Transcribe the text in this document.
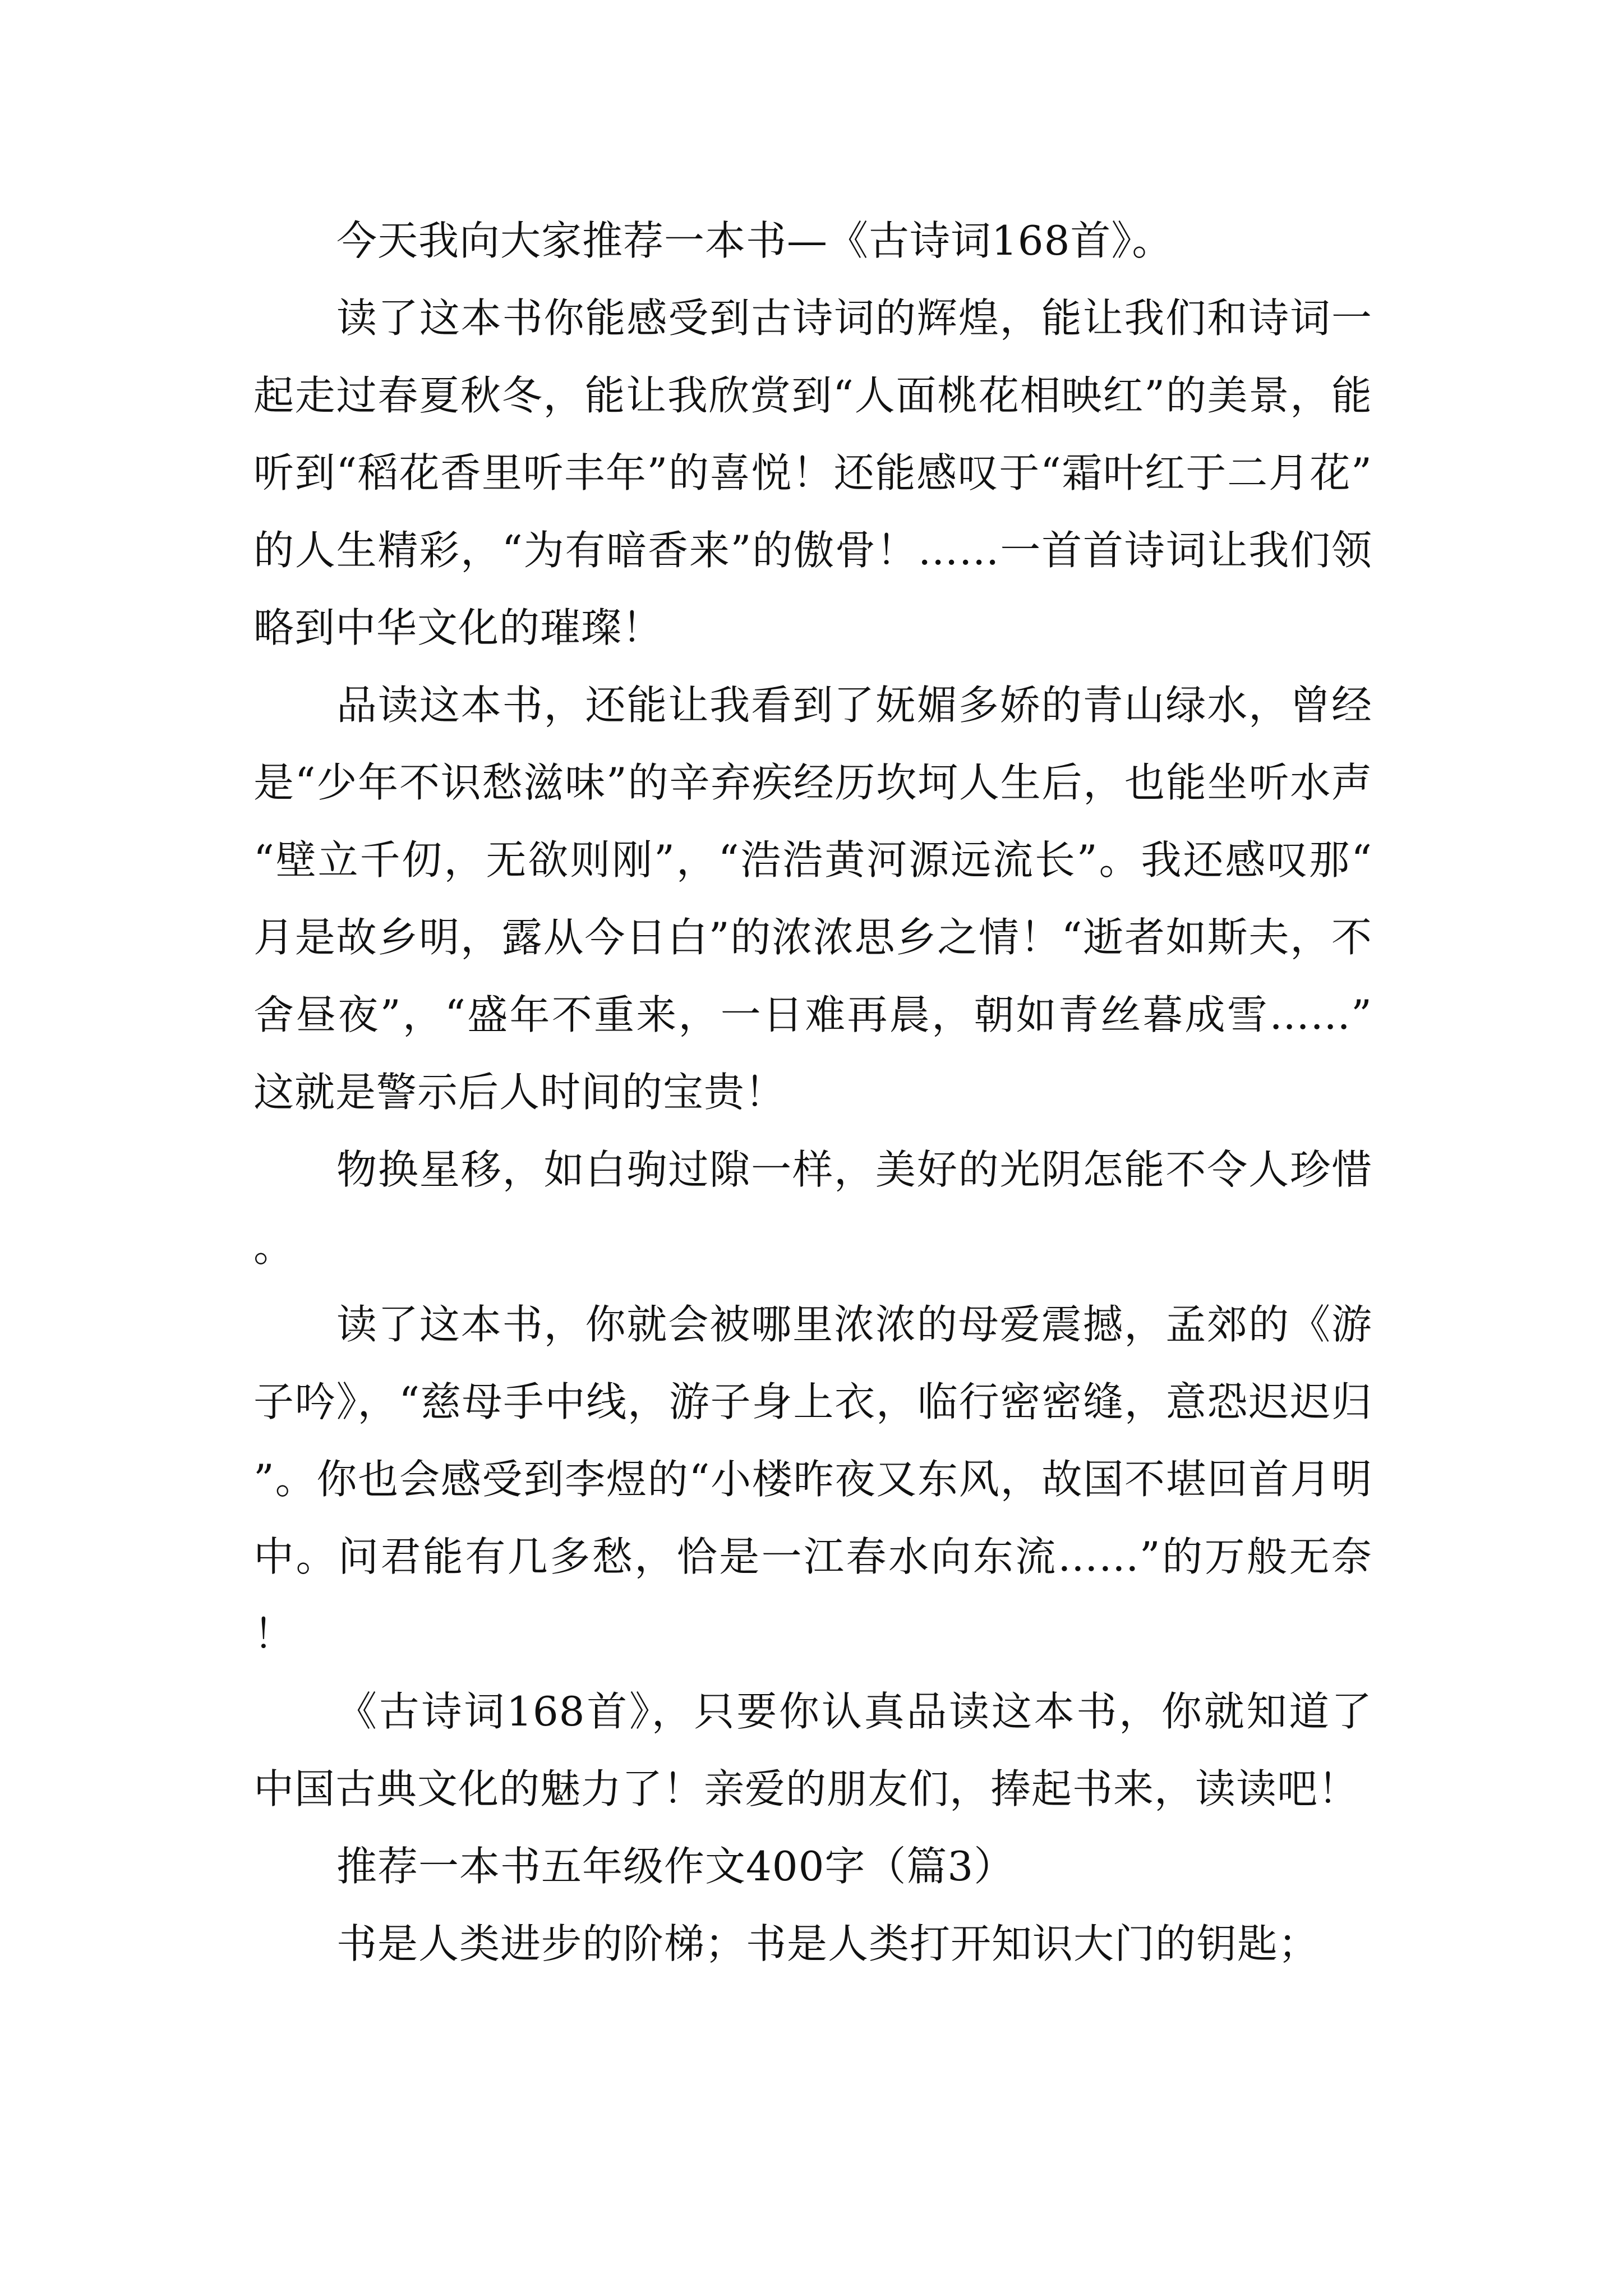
今天我向大家推荐一本书—《古诗词168首》。

读了这本书你能感受到古诗词的辉煌，能让我们和诗词一起走过春夏秋冬，能让我欣赏到“人面桃花相映红”的美景，能听到“稻花香里听丰年”的喜悦！还能感叹于“霜叶红于二月花”的人生精彩，“为有暗香来”的傲骨！……一首首诗词让我们领略到中华文化的璀璨！

品读这本书，还能让我看到了妩媚多娇的青山绿水，曾经是“少年不识愁滋味”的辛弃疾经历坎坷人生后，也能坐听水声“壁立千仞，无欲则刚”，“浩浩黄河源远流长”。我还感叹那“月是故乡明，露从今日白”的浓浓思乡之情！“逝者如斯夫，不舍昼夜”，“盛年不重来，一日难再晨，朝如青丝暮成雪……”这就是警示后人时间的宝贵！

物换星移，如白驹过隙一样，美好的光阴怎能不令人珍惜。

读了这本书，你就会被哪里浓浓的母爱震撼，孟郊的《游子吟》，“慈母手中线，游子身上衣，临行密密缝，意恐迟迟归”。你也会感受到李煜的“小楼昨夜又东风，故国不堪回首月明中。问君能有几多愁，恰是一江春水向东流……”的万般无奈！

《古诗词168首》，只要你认真品读这本书，你就知道了中国古典文化的魅力了！亲爱的朋友们，捧起书来，读读吧！

推荐一本书五年级作文400字（篇3）

书是人类进步的阶梯；书是人类打开知识大门的钥匙；
